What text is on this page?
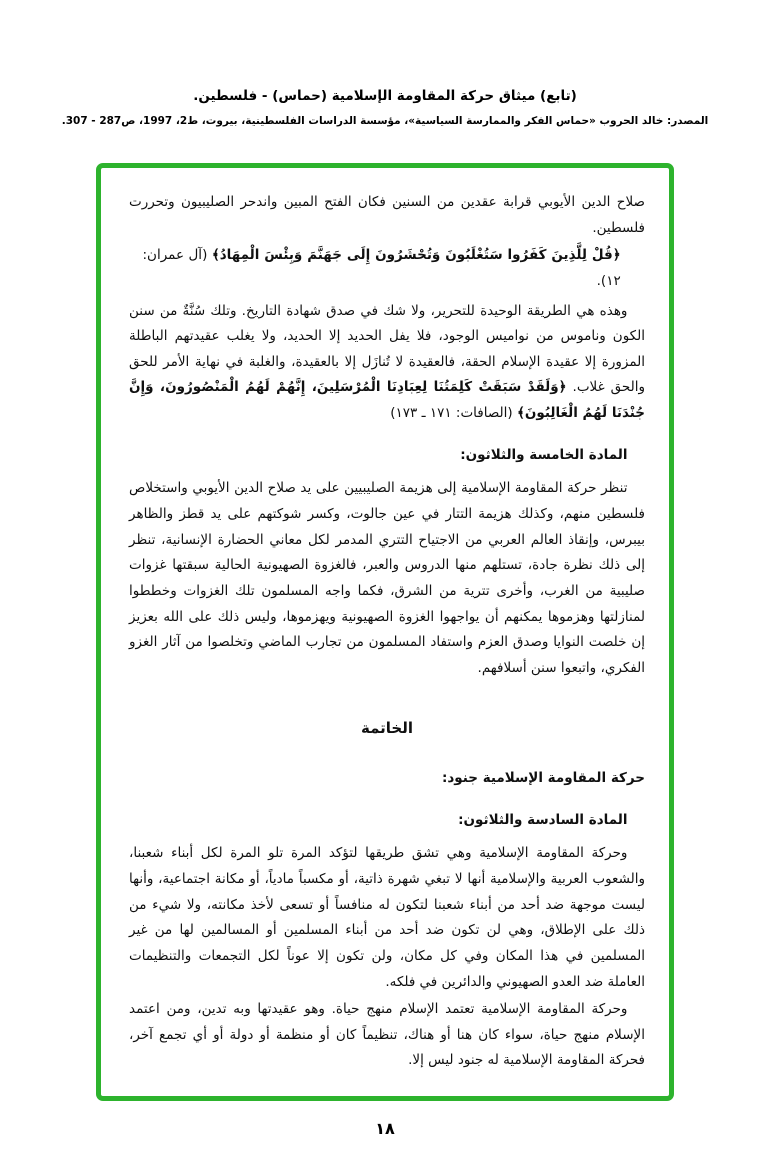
(تابع) ميثاق حركة المقاومة الإسلامية (حماس) - فلسطين.
المصدر: خالد الحروب «حماس الفكر والممارسة السياسية»، مؤسسة الدراسات الفلسطينية، بيروت، ط2، 1997، ص287 - 307.

صلاح الدين الأيوبي قرابة عقدين من السنين فكان الفتح المبين واندحر الصليبيون وتحررت فلسطين.

﴿قُلْ لِلَّذِينَ كَفَرُوا سَتُغْلَبُونَ وَتُحْشَرُونَ إِلَى جَهَنَّمَ وَبِئْسَ الْمِهَادُ﴾ (آل عمران: ١٢).

وهذه هي الطريقة الوحيدة للتحرير، ولا شك في صدق شهادة التاريخ. وتلك سُنَّةٌ من سنن الكون وناموس من نواميس الوجود، فلا يفل الحديد إلا الحديد، ولا يغلب عقيدتهم الباطلة المزورة إلا عقيدة الإسلام الحقة، فالعقيدة لا تُنازَل إلا بالعقيدة، والغلبة في نهاية الأمر للحق والحق غلاب. ﴿وَلَقَدْ سَبَقَتْ كَلِمَتُنَا لِعِبَادِنَا الْمُرْسَلِينَ، إِنَّهُمْ لَهُمُ الْمَنْصُورُونَ، وَإِنَّ جُنْدَنَا لَهُمُ الْغَالِبُونَ﴾ (الصافات: ١٧١ ـ ١٧٣)

المادة الخامسة والثلاثون:

تنظر حركة المقاومة الإسلامية إلى هزيمة الصليبيين على يد صلاح الدين الأيوبي واستخلاص فلسطين منهم، وكذلك هزيمة التتار في عين جالوت، وكسر شوكتهم على يد قطز والظاهر بيبرس، وإنقاذ العالم العربي من الاجتياح التتري المدمر لكل معاني الحضارة الإنسانية، تنظر إلى ذلك نظرة جادة، تستلهم منها الدروس والعبر، فالغزوة الصهيونية الحالية سبقتها غزوات صليبية من الغرب، وأخرى تترية من الشرق، فكما واجه المسلمون تلك الغزوات وخططوا لمنازلتها وهزموها يمكنهم أن يواجهوا الغزوة الصهيونية ويهزموها، وليس ذلك على الله بعزيز إن خلصت النوايا وصدق العزم واستفاد المسلمون من تجارب الماضي وتخلصوا من آثار الغزو الفكري، واتبعوا سنن أسلافهم.

الخاتمة
حركة المقاومة الإسلامية جنود:
المادة السادسة والثلاثون:

وحركة المقاومة الإسلامية وهي تشق طريقها لتؤكد المرة تلو المرة لكل أبناء شعبنا، والشعوب العربية والإسلامية أنها لا تبغي شهرة ذاتية، أو مكسباً مادياً، أو مكانة اجتماعية، وأنها ليست موجهة ضد أحد من أبناء شعبنا لتكون له منافساً أو تسعى لأخذ مكانته، ولا شيء من ذلك على الإطلاق، وهي لن تكون ضد أحد من أبناء المسلمين أو المسالمين لها من غير المسلمين في هذا المكان وفي كل مكان، ولن تكون إلا عوناً لكل التجمعات والتنظيمات العاملة ضد العدو الصهيوني والدائرين في فلكه.

وحركة المقاومة الإسلامية تعتمد الإسلام منهج حياة. وهو عقيدتها وبه تدين، ومن اعتمد الإسلام منهج حياة، سواء كان هنا أو هناك، تنظيماً كان أو منظمة أو دولة أو أي تجمع آخر، فحركة المقاومة الإسلامية له جنود ليس إلا.

١٨
